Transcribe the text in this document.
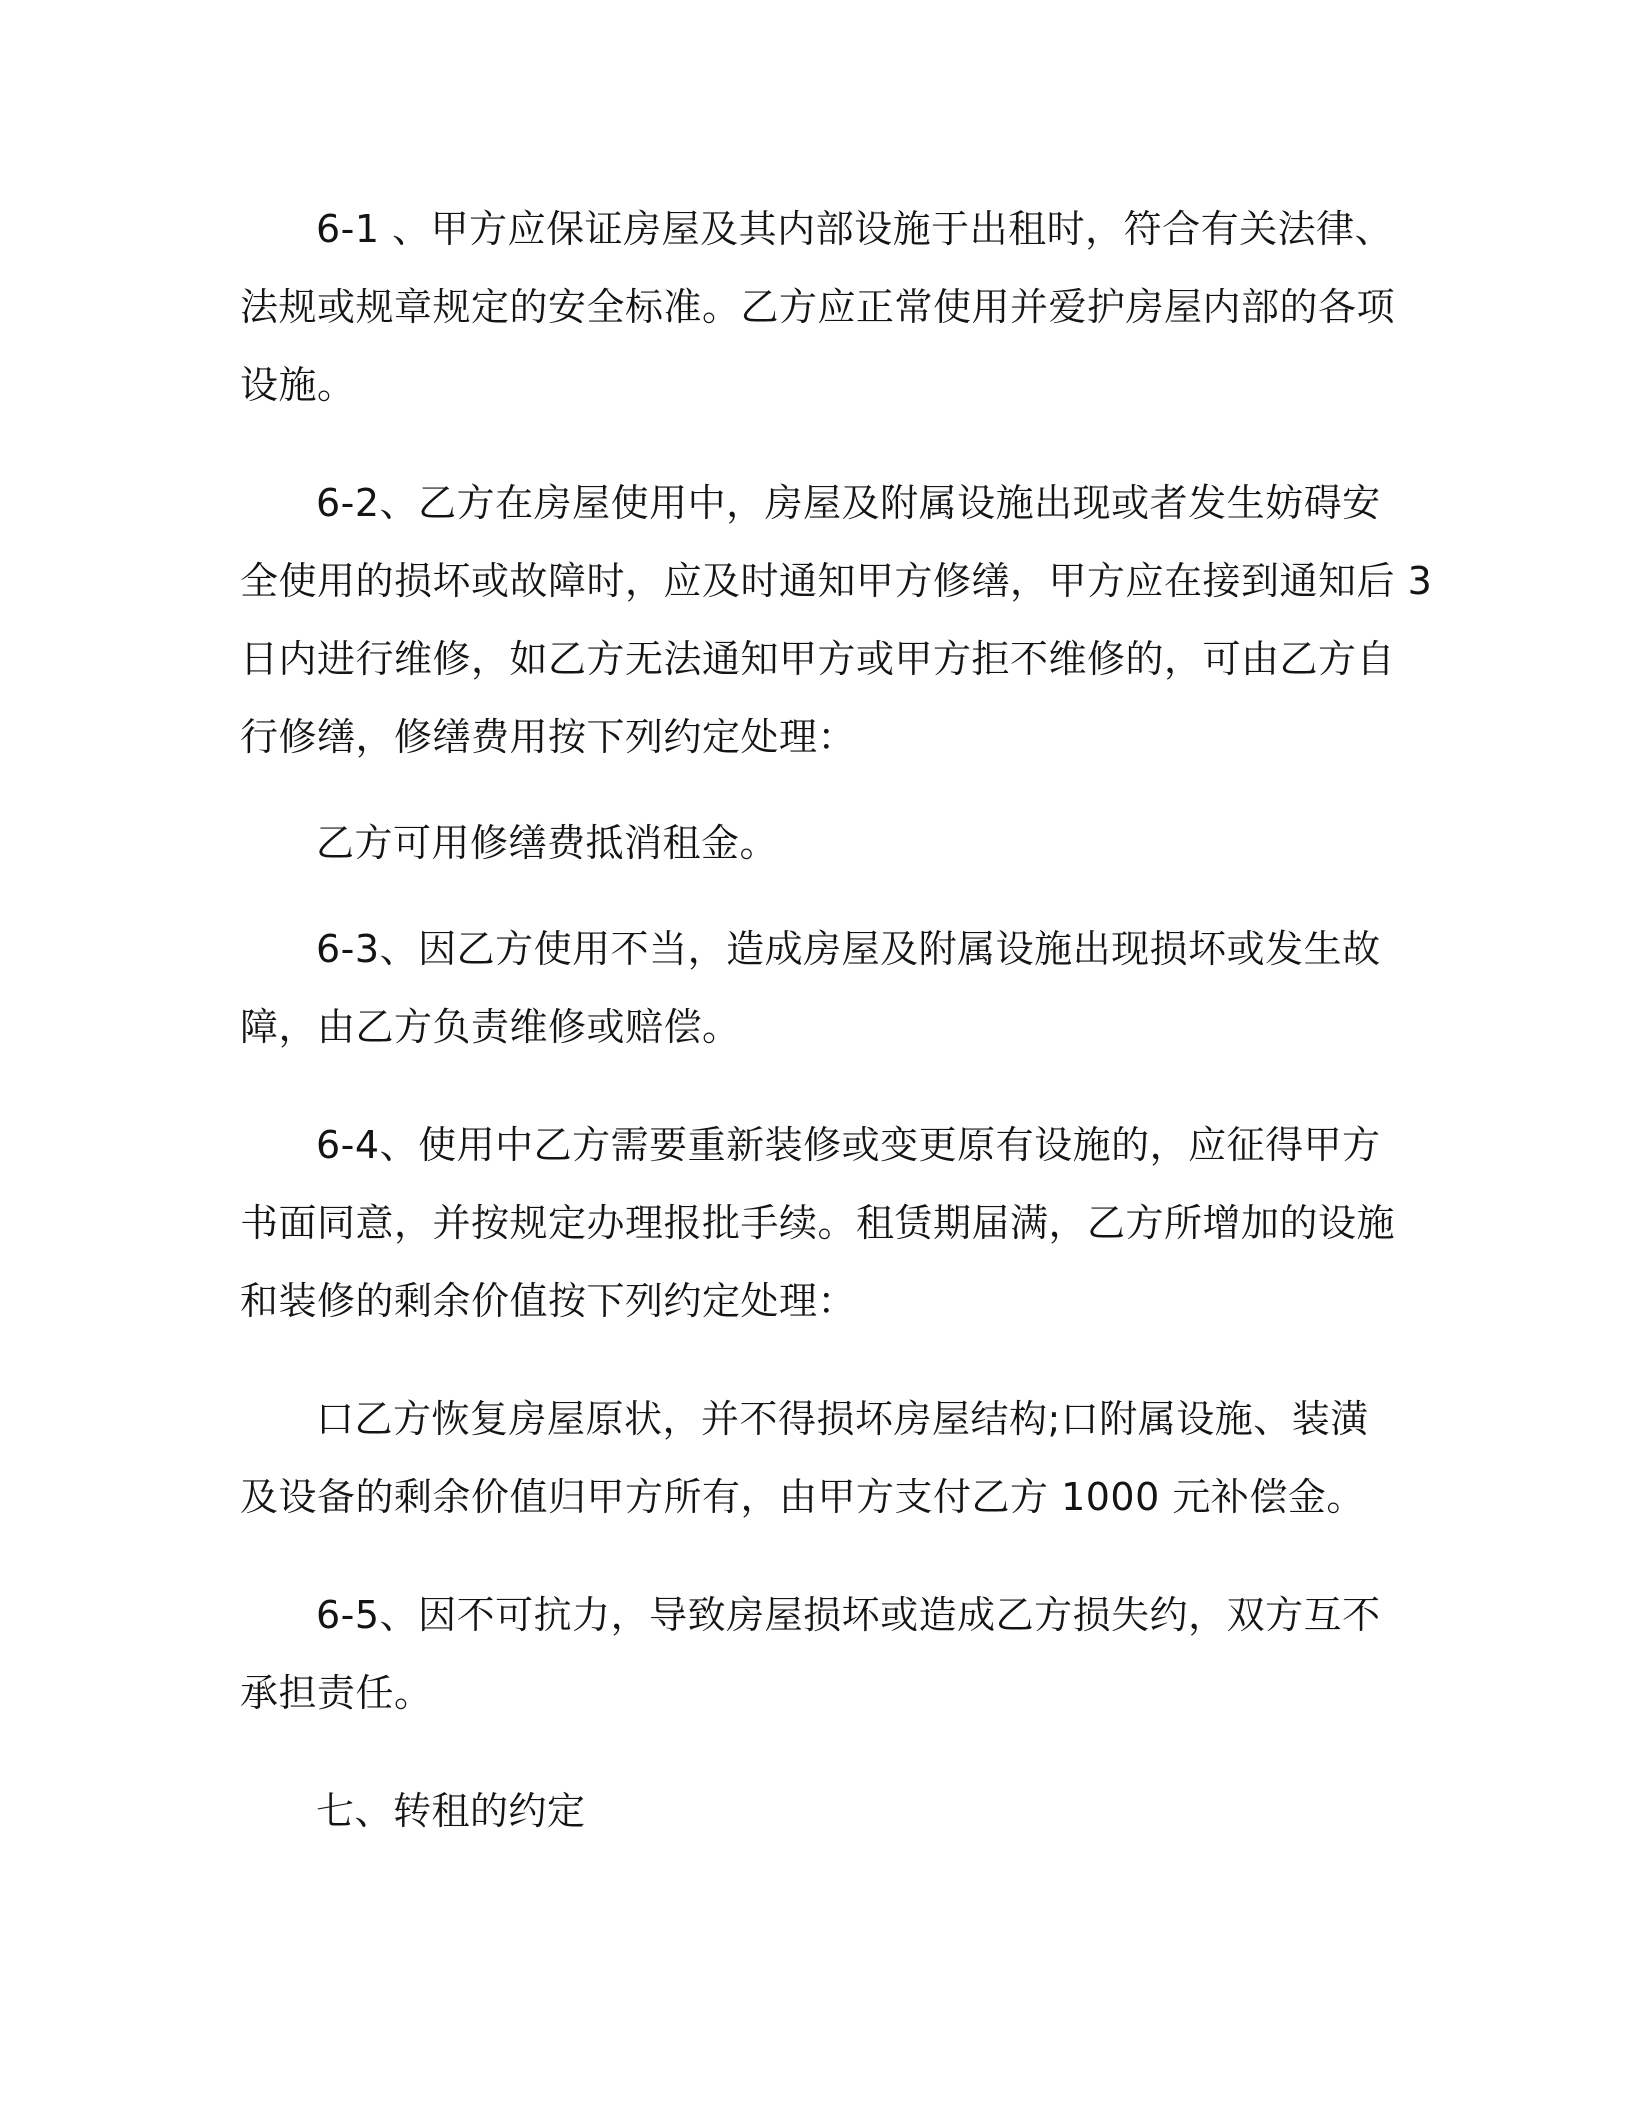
6-1 、甲方应保证房屋及其内部设施于出租时，符合有关法律、
法规或规章规定的安全标准。乙方应正常使用并爱护房屋内部的各项
设施。

6-2、乙方在房屋使用中，房屋及附属设施出现或者发生妨碍安
全使用的损坏或故障时，应及时通知甲方修缮，甲方应在接到通知后 3
日内进行维修，如乙方无法通知甲方或甲方拒不维修的，可由乙方自
行修缮，修缮费用按下列约定处理：

乙方可用修缮费抵消租金。

6-3、因乙方使用不当，造成房屋及附属设施出现损坏或发生故
障，由乙方负责维修或赔偿。

6-4、使用中乙方需要重新装修或变更原有设施的，应征得甲方
书面同意，并按规定办理报批手续。租赁期届满，乙方所增加的设施
和装修的剩余价值按下列约定处理：

口乙方恢复房屋原状，并不得损坏房屋结构;口附属设施、装潢
及设备的剩余价值归甲方所有，由甲方支付乙方 1000 元补偿金。

6-5、因不可抗力，导致房屋损坏或造成乙方损失约，双方互不
承担责任。

七、转租的约定
